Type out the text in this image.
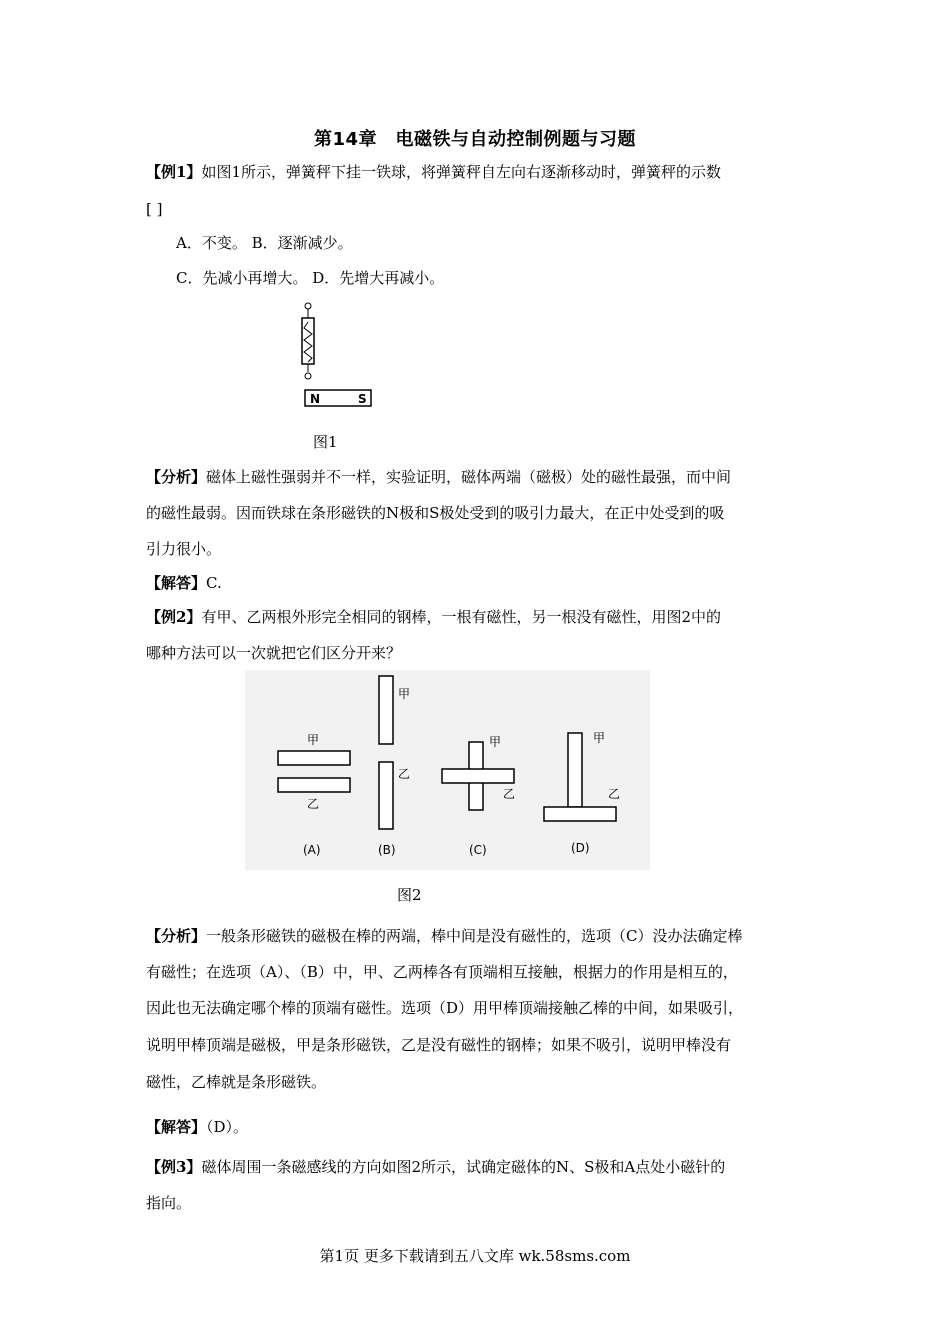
第14章　电磁铁与自动控制例题与习题
【例1】如图1所示，弹簧秤下挂一铁球，将弹簧秤自左向右逐渐移动时，弹簧秤的示数
[ ]
A．不变。 B．逐渐减少。
C．先减小再增大。 D．先增大再减小。
N	S
图1
【分析】磁体上磁性强弱并不一样，实验证明，磁体两端（磁极）处的磁性最强，而中间
的磁性最弱。因而铁球在条形磁铁的N极和S极处受到的吸引力最大，在正中处受到的吸
引力很小。
【解答】C.
【例2】有甲、乙两根外形完全相同的钢棒，一根有磁性，另一根没有磁性，用图2中的
哪种方法可以一次就把它们区分开来？
甲
乙
(A)
甲
乙
(B)
甲
乙
(C)
甲
乙
(D)
图2
【分析】一般条形磁铁的磁极在棒的两端，棒中间是没有磁性的，选项（C）没办法确定棒
有磁性；在选项（A）、（B）中，甲、乙两棒各有顶端相互接触，根据力的作用是相互的，
因此也无法确定哪个棒的顶端有磁性。选项（D）用甲棒顶端接触乙棒的中间，如果吸引，
说明甲棒顶端是磁极，甲是条形磁铁，乙是没有磁性的钢棒；如果不吸引，说明甲棒没有
磁性，乙棒就是条形磁铁。
【解答】（D）。
【例3】磁体周围一条磁感线的方向如图2所示，试确定磁体的N、S极和A点处小磁针的
指向。
第1页 更多下载请到五八文库 wk.58sms.com
